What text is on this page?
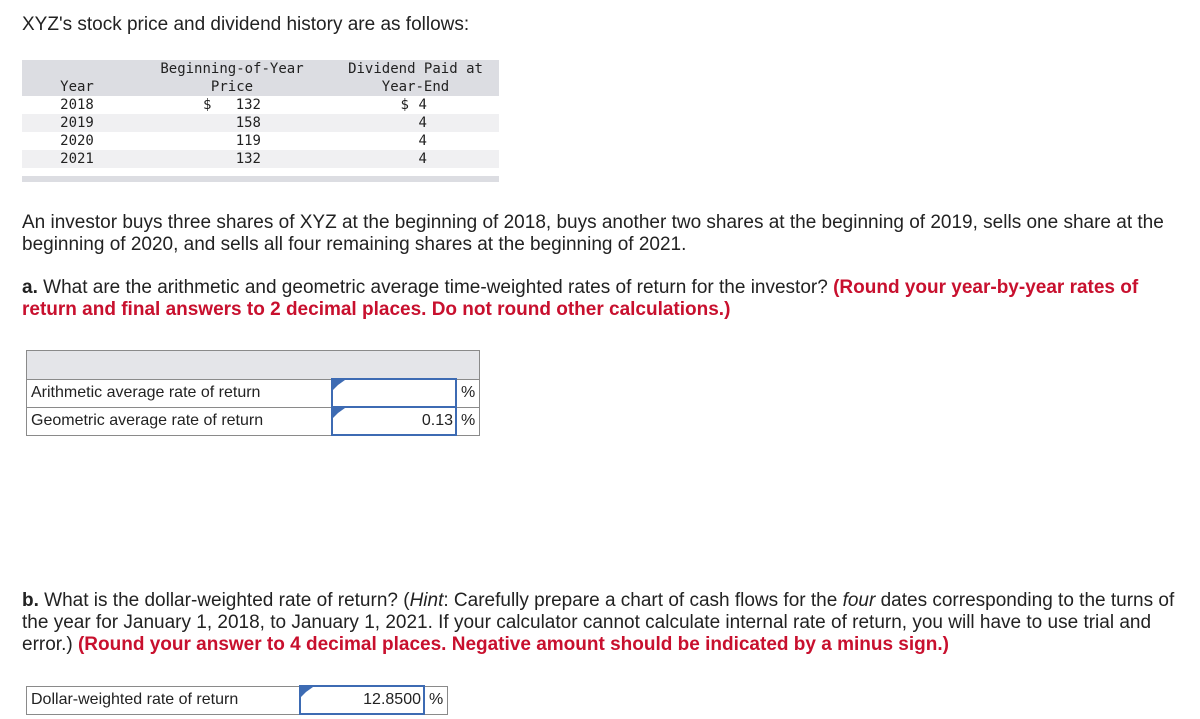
XYZ's stock price and dividend history are as follows:

	Beginning-of-Year	Dividend Paid at
Year	Price	Year-End
2018	$ 132	$ 4
2019	158	4
2020	119	4
2021	132	4

An investor buys three shares of XYZ at the beginning of 2018, buys another two shares at the beginning of 2019, sells one share at the beginning of 2020, and sells all four remaining shares at the beginning of 2021.

a. What are the arithmetic and geometric average time-weighted rates of return for the investor? (Round your year-by-year rates of return and final answers to 2 decimal places. Do not round other calculations.)

Arithmetic average rate of return		%
Geometric average rate of return	0.13	%

b. What is the dollar-weighted rate of return? (Hint: Carefully prepare a chart of cash flows for the four dates corresponding to the turns of the year for January 1, 2018, to January 1, 2021. If your calculator cannot calculate internal rate of return, you will have to use trial and error.) (Round your answer to 4 decimal places. Negative amount should be indicated by a minus sign.)

Dollar-weighted rate of return	12.8500	%
